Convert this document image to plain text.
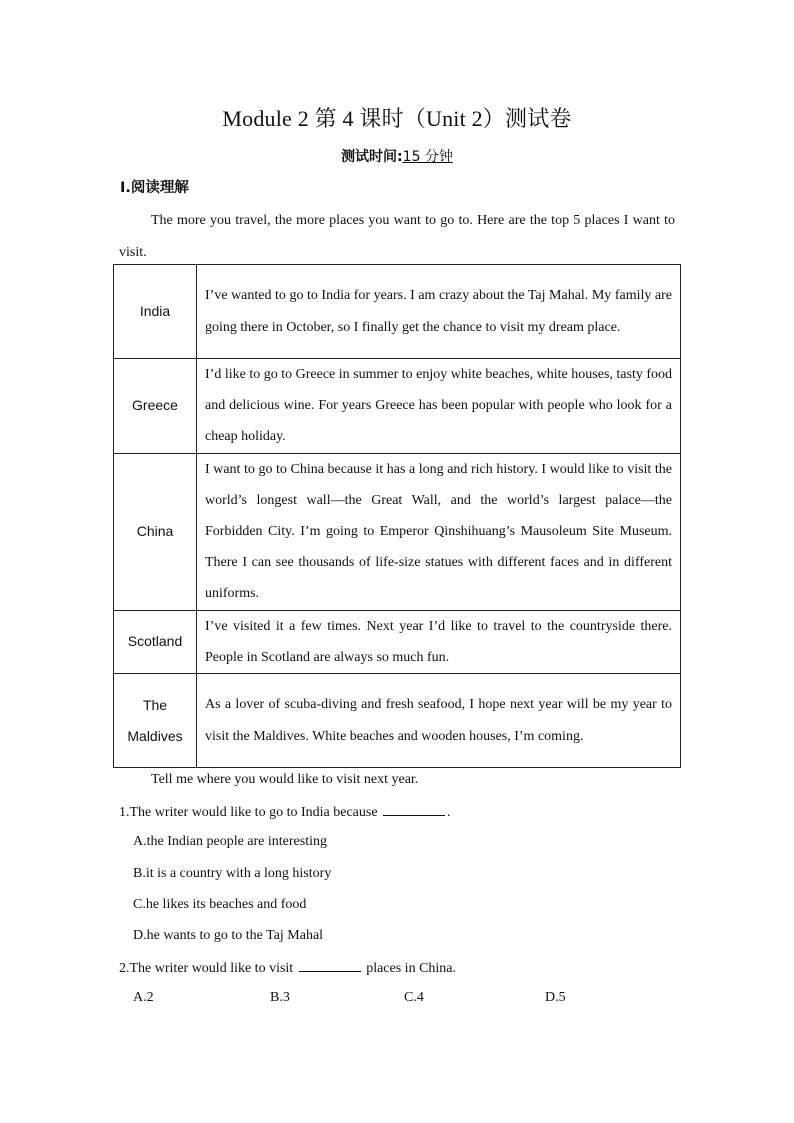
Module 2 第 4 课时（Unit 2）测试卷
测试时间:15 分钟
Ⅰ.阅读理解
The more you travel, the more places you want to go to. Here are the top 5 places I want to visit.
India	I’ve wanted to go to India for years. I am crazy about the Taj Mahal. My family are going there in October, so I finally get the chance to visit my dream place.
Greece	I’d like to go to Greece in summer to enjoy white beaches, white houses, tasty food and delicious wine. For years Greece has been popular with people who look for a cheap holiday.
China	I want to go to China because it has a long and rich history. I would like to visit the world’s longest wall—the Great Wall, and the world’s largest palace—the Forbidden City. I’m going to Emperor Qinshihuang’s Mausoleum Site Museum. There I can see thousands of life-size statues with different faces and in different uniforms.
Scotland	I’ve visited it a few times. Next year I’d like to travel to the countryside there. People in Scotland are always so much fun.

The
Maldives	As a lover of scuba-diving and fresh seafood, I hope next year will be my year to visit the Maldives. White beaches and wooden houses, I’m coming.
Tell me where you would like to visit next year.
1.The writer would like to go to India because	.
A.the Indian people are interesting
B.it is a country with a long history
C.he likes its beaches and food
D.he wants to go to the Taj Mahal
2.The writer would like to visit	places in China.
A.2	B.3	C.4	D.5
